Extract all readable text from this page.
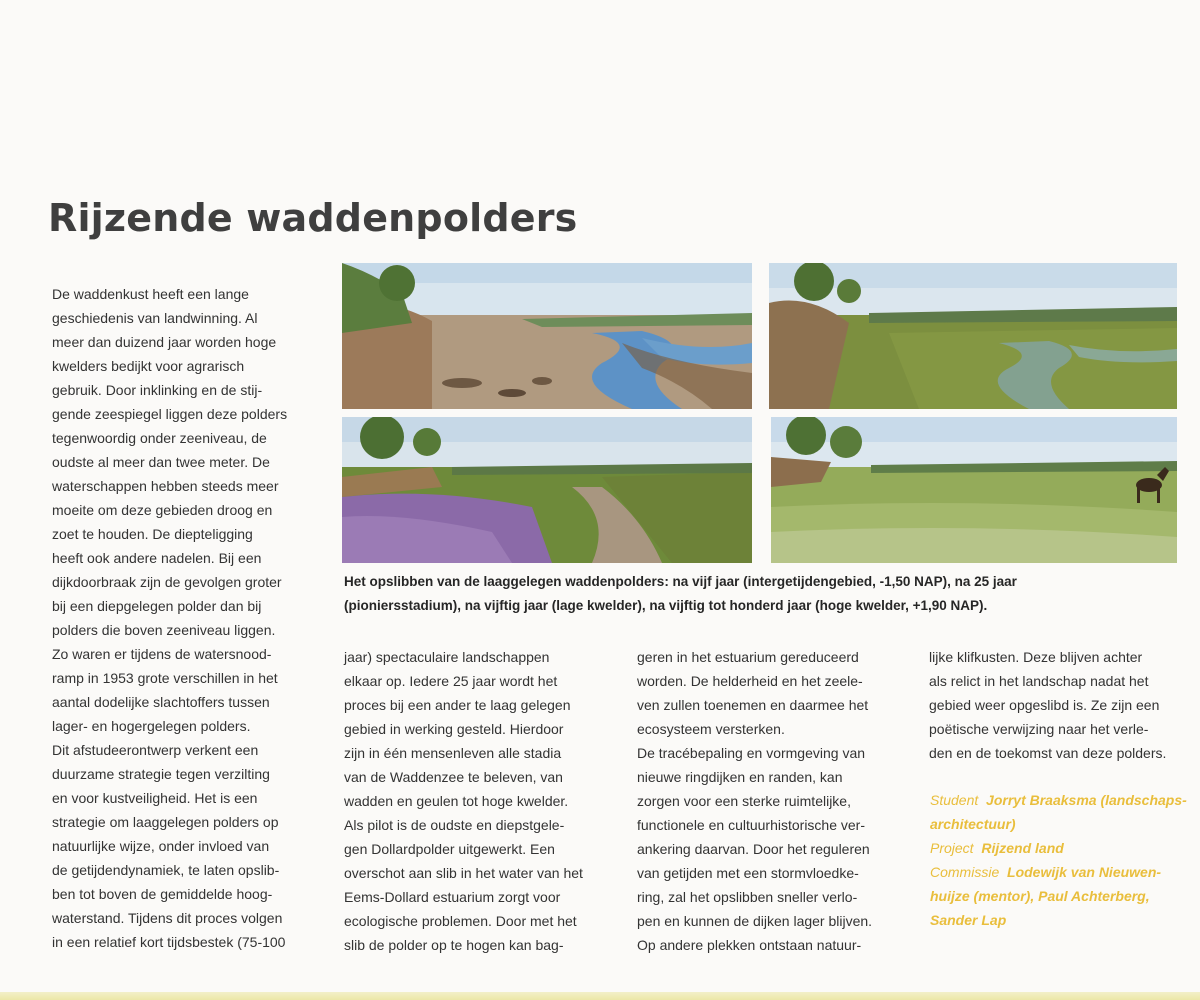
Rijzende waddenpolders
De waddenkust heeft een lange
geschiedenis van landwinning. Al
meer dan duizend jaar worden hoge
kwelders bedijkt voor agrarisch
gebruik. Door inklinking en de stij-
gende zeespiegel liggen deze polders
tegenwoordig onder zeeniveau, de
oudste al meer dan twee meter. De
waterschappen hebben steeds meer
moeite om deze gebieden droog en
zoet te houden. De diepteligging
heeft ook andere nadelen. Bij een
dijkdoorbraak zijn de gevolgen groter
bij een diepgelegen polder dan bij
polders die boven zeeniveau liggen.
Zo waren er tijdens de watersnood-
ramp in 1953 grote verschillen in het
aantal dodelijke slachtoffers tussen
lager- en hogergelegen polders.
Dit afstudeerontwerp verkent een
duurzame strategie tegen verzilting
en voor kustveiligheid. Het is een
strategie om laaggelegen polders op
natuurlijke wijze, onder invloed van
de getijdendynamiek, te laten opslib-
ben tot boven de gemiddelde hoog-
waterstand. Tijdens dit proces volgen
in een relatief kort tijdsbestek (75-100
Het opslibben van de laaggelegen waddenpolders: na vijf jaar (intergetijdengebied, -1,50 NAP), na 25 jaar
(pioniersstadium), na vijftig jaar (lage kwelder), na vijftig tot honderd jaar (hoge kwelder, +1,90 NAP).
jaar) spectaculaire landschappen
elkaar op. Iedere 25 jaar wordt het
proces bij een ander te laag gelegen
gebied in werking gesteld. Hierdoor
zijn in één mensenleven alle stadia
van de Waddenzee te beleven, van
wadden en geulen tot hoge kwelder.
Als pilot is de oudste en diepstgele-
gen Dollardpolder uitgewerkt. Een
overschot aan slib in het water van het
Eems-Dollard estuarium zorgt voor
ecologische problemen. Door met het
slib de polder op te hogen kan bag-
geren in het estuarium gereduceerd
worden. De helderheid en het zeele-
ven zullen toenemen en daarmee het
ecosysteem versterken.
De tracébepaling en vormgeving van
nieuwe ringdijken en randen, kan
zorgen voor een sterke ruimtelijke,
functionele en cultuurhistorische ver-
ankering daarvan. Door het reguleren
van getijden met een stormvloedke-
ring, zal het opslibben sneller verlo-
pen en kunnen de dijken lager blijven.
Op andere plekken ontstaan natuur-
lijke klifkusten. Deze blijven achter
als relict in het landschap nadat het
gebied weer opgeslibd is. Ze zijn een
poëtische verwijzing naar het verle-
den en de toekomst van deze polders.
Student Jorryt Braaksma (landschaps-
architectuur)
Project Rijzend land
Commissie Lodewijk van Nieuwen-
huijze (mentor), Paul Achterberg,
Sander Lap
